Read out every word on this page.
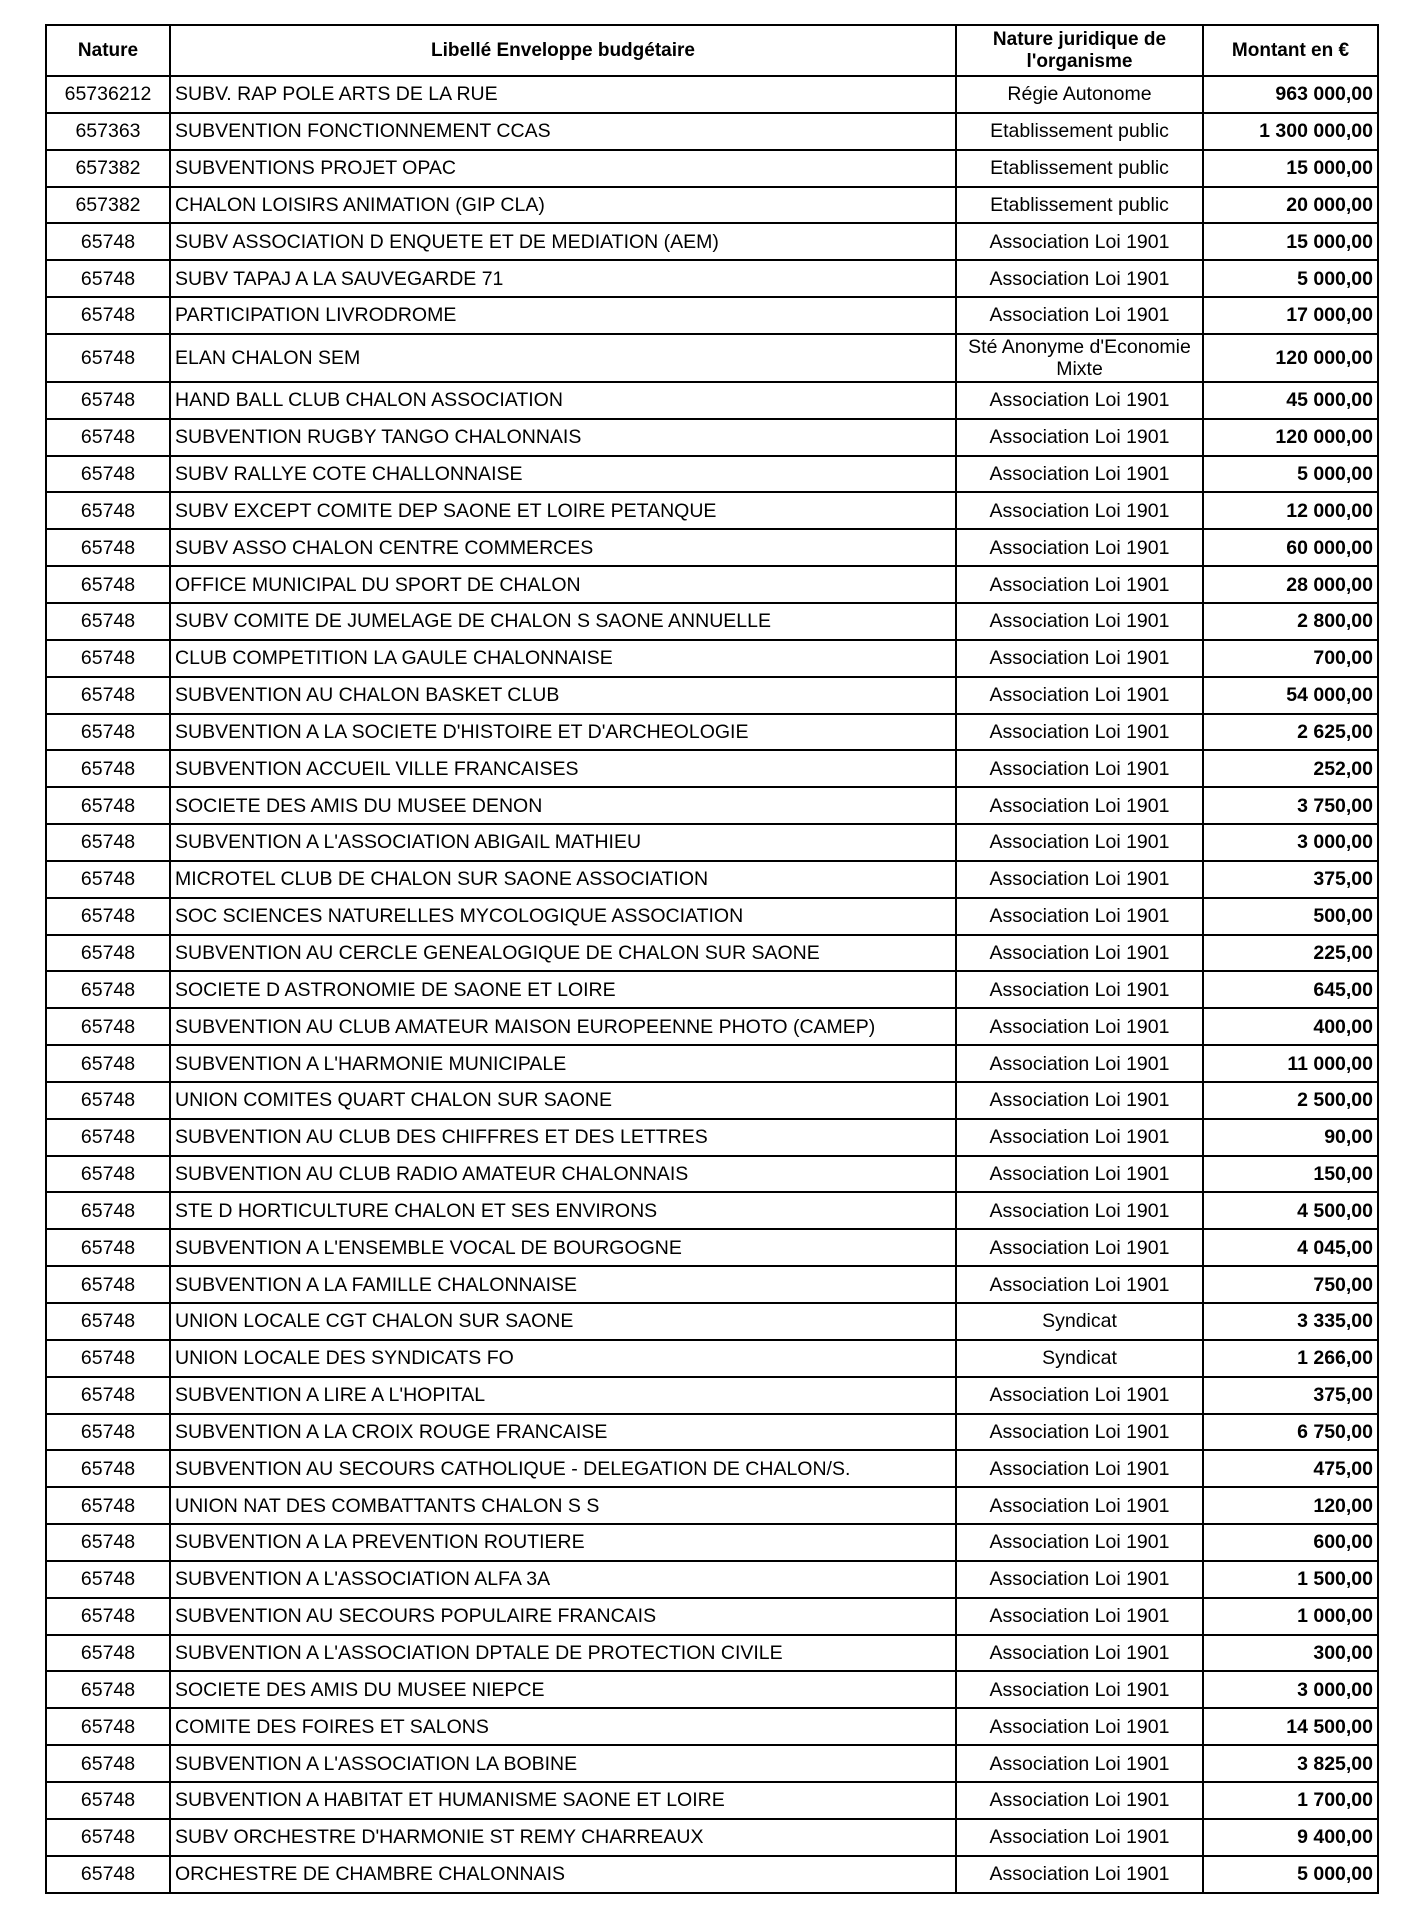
Nature	Libellé Enveloppe budgétaire	Nature juridique de l'organisme	Montant en €
65736212	SUBV. RAP POLE ARTS DE LA RUE	Régie Autonome	963 000,00
657363	SUBVENTION FONCTIONNEMENT CCAS	Etablissement public	1 300 000,00
657382	SUBVENTIONS PROJET OPAC	Etablissement public	15 000,00
657382	CHALON LOISIRS ANIMATION (GIP CLA)	Etablissement public	20 000,00
65748	SUBV ASSOCIATION D ENQUETE ET DE MEDIATION (AEM)	Association Loi 1901	15 000,00
65748	SUBV TAPAJ A LA SAUVEGARDE 71	Association Loi 1901	5 000,00
65748	PARTICIPATION LIVRODROME	Association Loi 1901	17 000,00
65748	ELAN CHALON SEM	Sté Anonyme d'Economie Mixte	120 000,00
65748	HAND BALL CLUB CHALON ASSOCIATION	Association Loi 1901	45 000,00
65748	SUBVENTION RUGBY TANGO CHALONNAIS	Association Loi 1901	120 000,00
65748	SUBV RALLYE COTE CHALLONNAISE	Association Loi 1901	5 000,00
65748	SUBV EXCEPT COMITE DEP SAONE ET LOIRE PETANQUE	Association Loi 1901	12 000,00
65748	SUBV ASSO CHALON CENTRE COMMERCES	Association Loi 1901	60 000,00
65748	OFFICE MUNICIPAL DU SPORT DE CHALON	Association Loi 1901	28 000,00
65748	SUBV COMITE DE JUMELAGE DE CHALON S SAONE ANNUELLE	Association Loi 1901	2 800,00
65748	CLUB COMPETITION LA GAULE CHALONNAISE	Association Loi 1901	700,00
65748	SUBVENTION AU CHALON BASKET CLUB	Association Loi 1901	54 000,00
65748	SUBVENTION A LA SOCIETE D'HISTOIRE ET D'ARCHEOLOGIE	Association Loi 1901	2 625,00
65748	SUBVENTION ACCUEIL VILLE FRANCAISES	Association Loi 1901	252,00
65748	SOCIETE DES AMIS DU MUSEE DENON	Association Loi 1901	3 750,00
65748	SUBVENTION A L'ASSOCIATION ABIGAIL MATHIEU	Association Loi 1901	3 000,00
65748	MICROTEL CLUB DE CHALON SUR SAONE ASSOCIATION	Association Loi 1901	375,00
65748	SOC SCIENCES NATURELLES MYCOLOGIQUE ASSOCIATION	Association Loi 1901	500,00
65748	SUBVENTION AU CERCLE GENEALOGIQUE DE CHALON SUR SAONE	Association Loi 1901	225,00
65748	SOCIETE D ASTRONOMIE DE SAONE ET LOIRE	Association Loi 1901	645,00
65748	SUBVENTION AU CLUB AMATEUR MAISON EUROPEENNE PHOTO (CAMEP)	Association Loi 1901	400,00
65748	SUBVENTION A L'HARMONIE MUNICIPALE	Association Loi 1901	11 000,00
65748	UNION COMITES QUART CHALON SUR SAONE	Association Loi 1901	2 500,00
65748	SUBVENTION AU CLUB DES CHIFFRES ET DES LETTRES	Association Loi 1901	90,00
65748	SUBVENTION AU CLUB RADIO AMATEUR CHALONNAIS	Association Loi 1901	150,00
65748	STE D HORTICULTURE CHALON ET SES ENVIRONS	Association Loi 1901	4 500,00
65748	SUBVENTION A L'ENSEMBLE VOCAL DE BOURGOGNE	Association Loi 1901	4 045,00
65748	SUBVENTION A LA FAMILLE CHALONNAISE	Association Loi 1901	750,00
65748	UNION LOCALE CGT CHALON SUR SAONE	Syndicat	3 335,00
65748	UNION LOCALE DES SYNDICATS FO	Syndicat	1 266,00
65748	SUBVENTION A LIRE A L'HOPITAL	Association Loi 1901	375,00
65748	SUBVENTION A LA CROIX ROUGE FRANCAISE	Association Loi 1901	6 750,00
65748	SUBVENTION AU SECOURS CATHOLIQUE - DELEGATION DE CHALON/S.	Association Loi 1901	475,00
65748	UNION NAT DES COMBATTANTS CHALON S S	Association Loi 1901	120,00
65748	SUBVENTION A LA PREVENTION ROUTIERE	Association Loi 1901	600,00
65748	SUBVENTION A L'ASSOCIATION ALFA 3A	Association Loi 1901	1 500,00
65748	SUBVENTION AU SECOURS POPULAIRE FRANCAIS	Association Loi 1901	1 000,00
65748	SUBVENTION A L'ASSOCIATION DPTALE DE PROTECTION CIVILE	Association Loi 1901	300,00
65748	SOCIETE DES AMIS DU MUSEE NIEPCE	Association Loi 1901	3 000,00
65748	COMITE DES FOIRES ET SALONS	Association Loi 1901	14 500,00
65748	SUBVENTION A L'ASSOCIATION LA BOBINE	Association Loi 1901	3 825,00
65748	SUBVENTION A HABITAT ET HUMANISME SAONE ET LOIRE	Association Loi 1901	1 700,00
65748	SUBV ORCHESTRE D'HARMONIE ST REMY CHARREAUX	Association Loi 1901	9 400,00
65748	ORCHESTRE DE CHAMBRE CHALONNAIS	Association Loi 1901	5 000,00
